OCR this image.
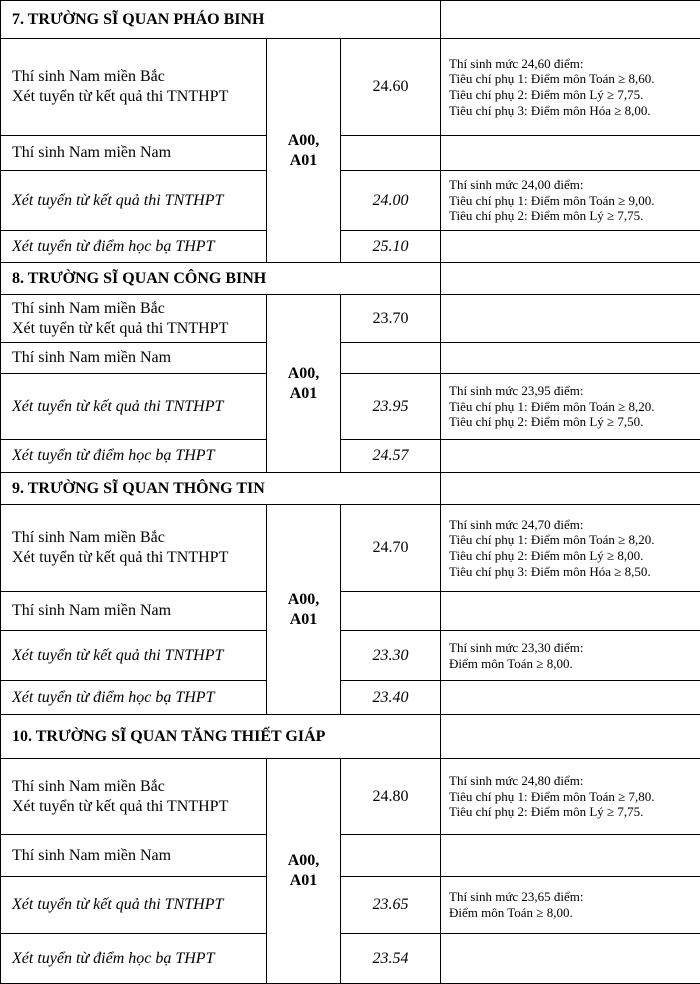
7. TRƯỜNG SĨ QUAN PHÁO BINH			

Thí sinh Nam miền Bắc
Xét tuyển từ kết quả thi TNTHPT	A00,
A01	24.60	Thí sinh mức 24,60 điểm:
Tiêu chí phụ 1: Điểm môn Toán ≥ 8,60.
Tiêu chí phụ 2: Điểm môn Lý ≥ 7,75.
Tiêu chí phụ 3: Điểm môn Hóa ≥ 8,00.

Thí sinh Nam miền Nam			

Xét tuyển từ kết quả thi TNTHPT		24.00	Thí sinh mức 24,00 điểm:
Tiêu chí phụ 1: Điểm môn Toán ≥ 9,00.
Tiêu chí phụ 2: Điểm môn Lý ≥ 7,75.

Xét tuyển từ điểm học bạ THPT		25.10	
8. TRƯỜNG SĨ QUAN CÔNG BINH			

Thí sinh Nam miền Bắc
Xét tuyển từ kết quả thi TNTHPT	A00,
A01	23.70	

Thí sinh Nam miền Nam			

Xét tuyển từ kết quả thi TNTHPT		23.95	Thí sinh mức 23,95 điểm:
Tiêu chí phụ 1: Điểm môn Toán ≥ 8,20.
Tiêu chí phụ 2: Điểm môn Lý ≥ 7,50.

Xét tuyển từ điểm học bạ THPT		24.57	
9. TRƯỜNG SĨ QUAN THÔNG TIN			

Thí sinh Nam miền Bắc
Xét tuyển từ kết quả thi TNTHPT	A00,
A01	24.70	Thí sinh mức 24,70 điểm:
Tiêu chí phụ 1: Điểm môn Toán ≥ 8,20.
Tiêu chí phụ 2: Điểm môn Lý ≥ 8,00.
Tiêu chí phụ 3: Điểm môn Hóa ≥ 8,50.

Thí sinh Nam miền Nam			

Xét tuyển từ kết quả thi TNTHPT		23.30	Thí sinh mức 23,30 điểm:
Điểm môn Toán ≥ 8,00.

Xét tuyển từ điểm học bạ THPT		23.40	
10. TRƯỜNG SĨ QUAN TĂNG THIẾT GIÁP			

Thí sinh Nam miền Bắc
Xét tuyển từ kết quả thi TNTHPT	A00,
A01	24.80	Thí sinh mức 24,80 điểm:
Tiêu chí phụ 1: Điểm môn Toán ≥ 7,80.
Tiêu chí phụ 2: Điểm môn Lý ≥ 7,75.

Thí sinh Nam miền Nam			

Xét tuyển từ kết quả thi TNTHPT		23.65	Thí sinh mức 23,65 điểm:
Điểm môn Toán ≥ 8,00.

Xét tuyển từ điểm học bạ THPT		23.54	
